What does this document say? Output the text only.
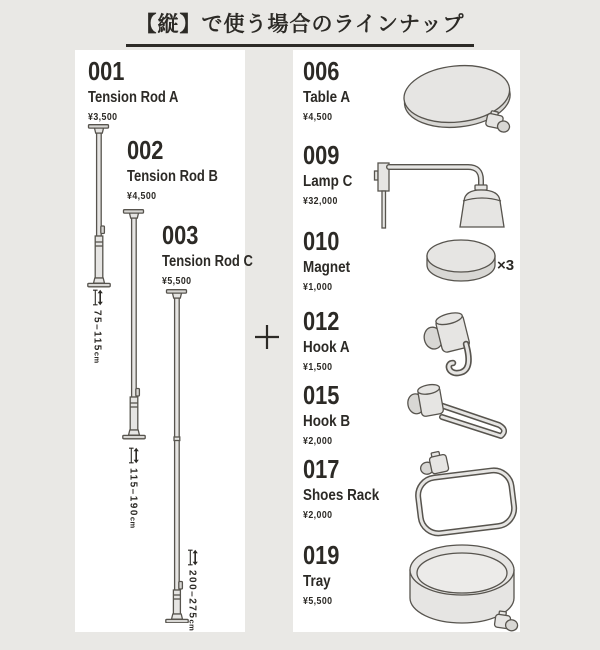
【縦】で使う場合のラインナップ
001
Tension Rod A
¥3,500
75–115cm
002
Tension Rod B
¥4,500
115–190cm
003
Tension Rod C
¥5,500
200–275cm
006
Table A
¥4,500
009
Lamp C
¥32,000
010
Magnet
¥1,000
×3
012
Hook A
¥1,500
015
Hook B
¥2,000
017
Shoes Rack
¥2,000
019
Tray
¥5,500
